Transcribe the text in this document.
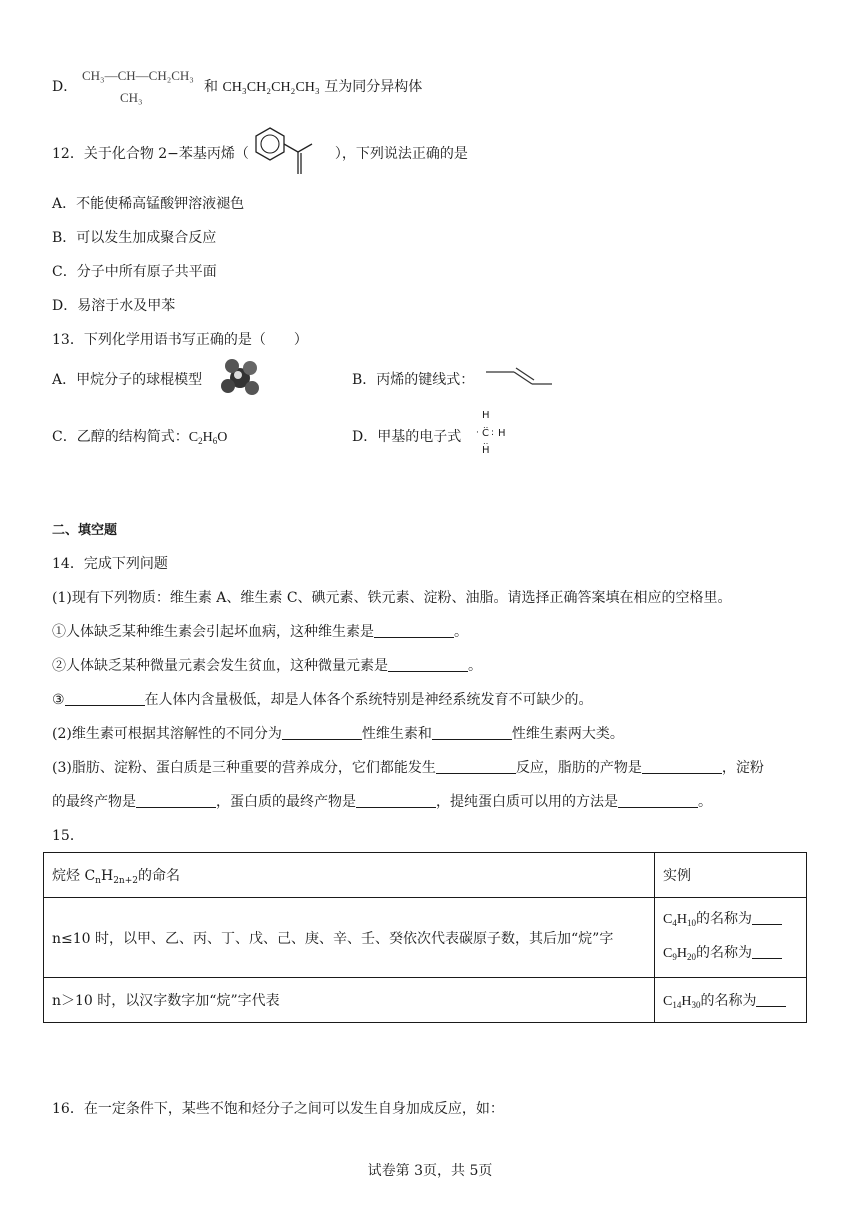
D．
CH₃—CH—CH₂CH₃
CH₃
和 CH₃CH₂CH₂CH₃ 互为同分异构体
12．关于化合物 2−苯基丙烯（	），下列说法正确的是
A．不能使稀高锰酸钾溶液褪色
B．可以发生加成聚合反应
C．分子中所有原子共平面
D．易溶于水及甲苯
13．下列化学用语书写正确的是（　　）
A．甲烷分子的球棍模型	B．丙烯的键线式：
C．乙醇的结构简式：$C_2H_6O$	D．甲基的电子式
H
‥
· C : H
‥
H
二、填空题
14．完成下列问题
(1)现有下列物质：维生素 A、维生素 C、碘元素、铁元素、淀粉、油脂。请选择正确答案填在相应的空格里。
①人体缺乏某种维生素会引起坏血病，这种维生素是	。
②人体缺乏某种微量元素会发生贫血，这种微量元素是	。
③	在人体内含量极低，却是人体各个系统特别是神经系统发育不可缺少的。
(2)维生素可根据其溶解性的不同分为	性维生素和	性维生素两大类。
(3)脂肪、淀粉、蛋白质是三种重要的营养成分，它们都能发生	反应，脂肪的产物是	，淀粉
的最终产物是	，蛋白质的最终产物是	，提纯蛋白质可以用的方法是	。
15．
烷烃 $C_nH_{2n+2}$的命名	实例
n≤10 时，以甲、乙、丙、丁、戊、己、庚、辛、壬、癸依次代表碳原子数，其后加“烷”字	$C_4H_{10}$的名称为
$C_9H_{20}$的名称为

n＞10 时，以汉字数字加“烷”字代表	$C_{14}H_{30}$的名称为
16．在一定条件下，某些不饱和烃分子之间可以发生自身加成反应，如：
试卷第 3页，共 5页
